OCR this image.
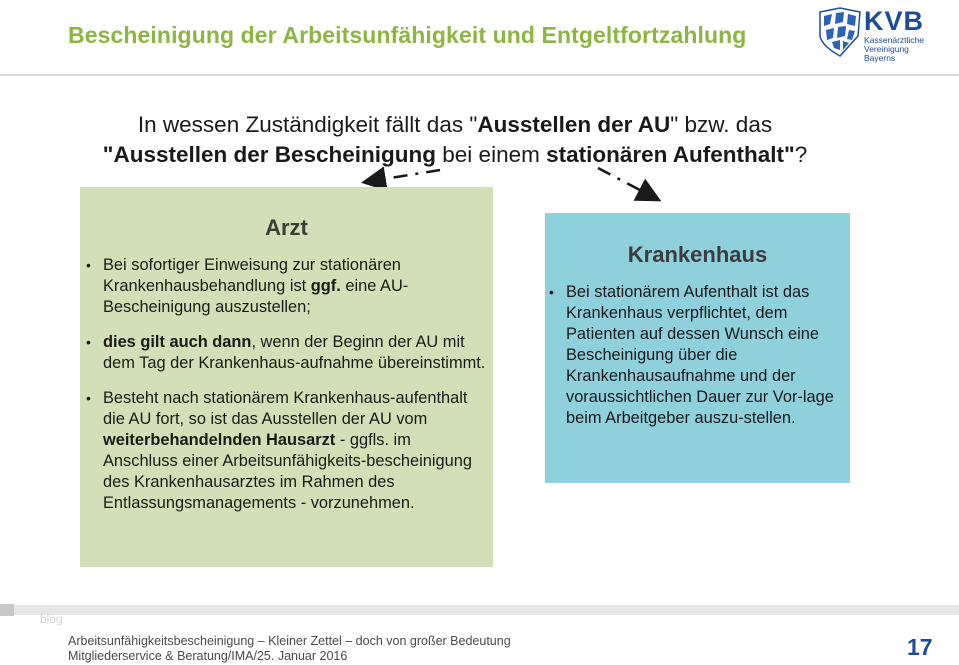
Bescheinigung der Arbeitsunfähigkeit und Entgeltfortzahlung	KVB
Kassenärztliche
Vereinigung
Bayerns
In wessen Zuständigkeit fällt das "Ausstellen der AU" bzw. das
"Ausstellen der Bescheinigung bei einem stationären Aufenthalt"?
Arzt
• Bei sofortiger Einweisung zur stationären Krankenhausbehandlung ist ggf. eine AU-Bescheinigung auszustellen;
• dies gilt auch dann, wenn der Beginn der AU mit dem Tag der Krankenhaus-aufnahme übereinstimmt.
• Besteht nach stationärem Krankenhaus-aufenthalt die AU fort, so ist das Ausstellen der AU vom weiterbehandelnden Hausarzt - ggfls. im Anschluss einer Arbeitsunfähigkeits-bescheinigung des Krankenhausarztes im Rahmen des Entlassungsmanagements - vorzunehmen.
Krankenhaus
• Bei stationärem Aufenthalt ist das Krankenhaus verpflichtet, dem Patienten auf dessen Wunsch eine Bescheinigung über die Krankenhausaufnahme und der voraussichtlichen Dauer zur Vor-lage beim Arbeitgeber auszu-stellen.
blog
Arbeitsunfähigkeitsbescheinigung – Kleiner Zettel – doch von großer Bedeutung
Mitgliederservice & Beratung/IMA/25. Januar 2016	17
